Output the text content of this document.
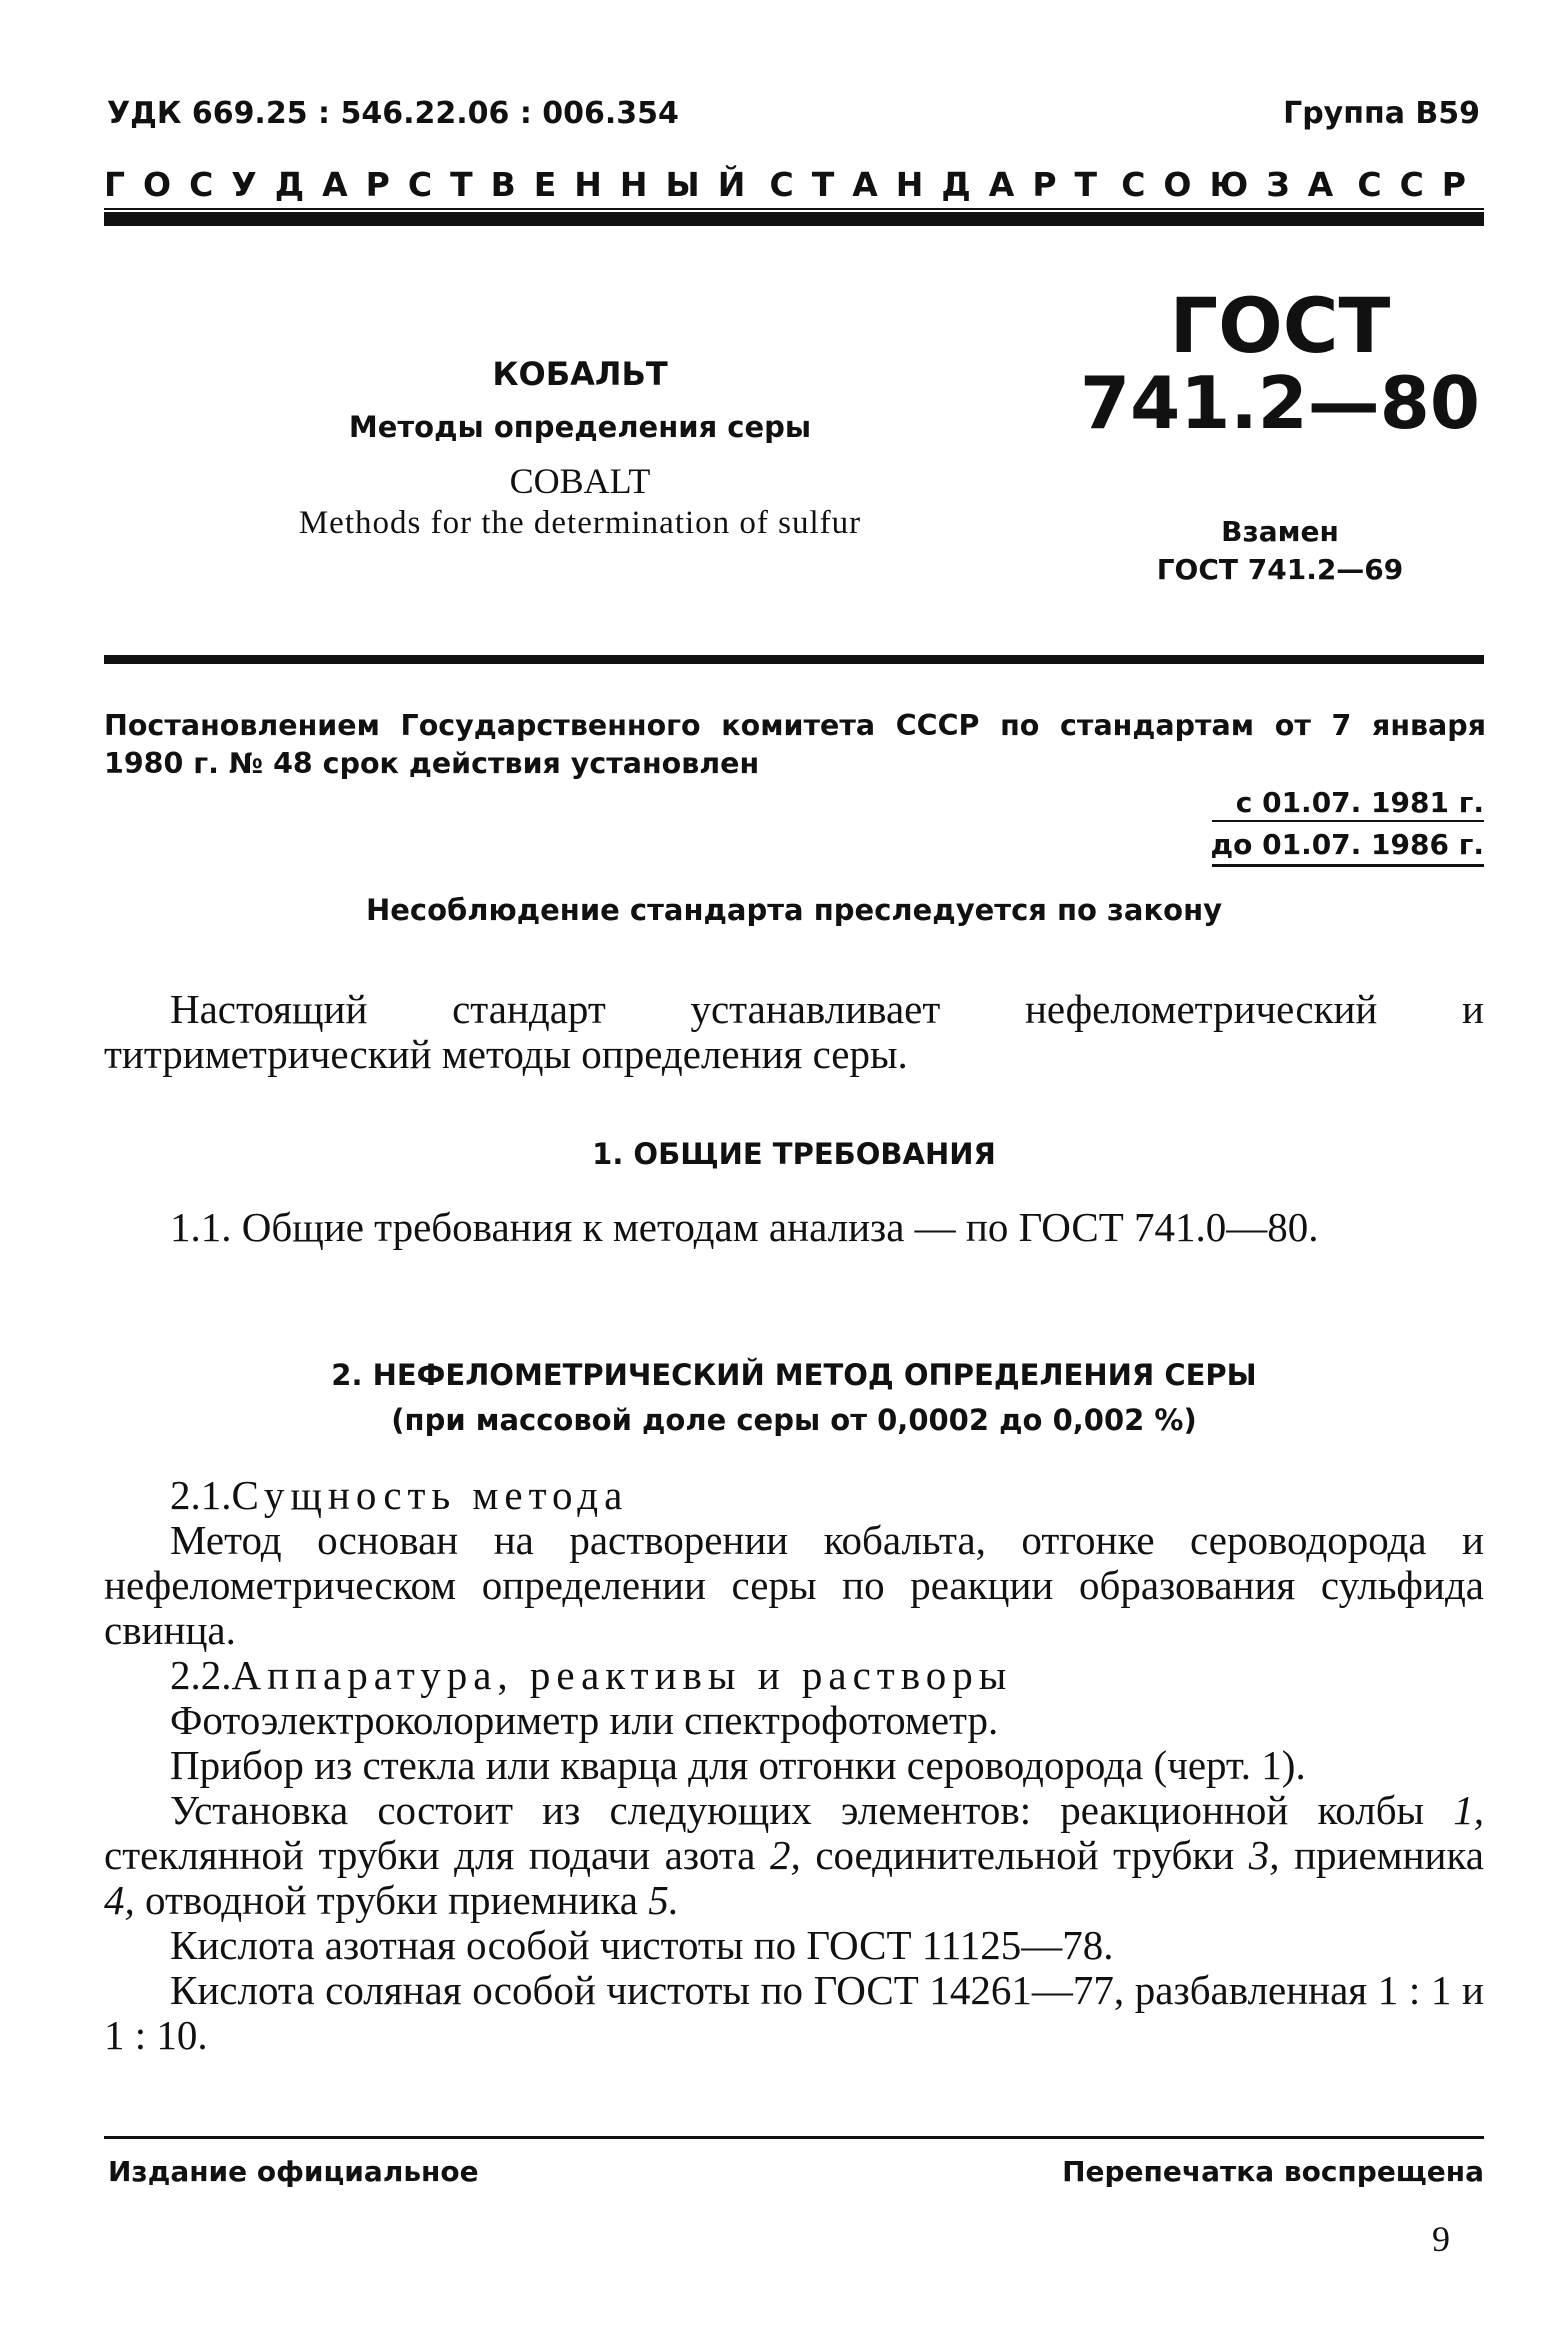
УДК 669.25 : 546.22.06 : 006.354	Группа В59
ГОСУДАРСТВЕННЫЙ СТАНДАРТ СОЮЗА ССР
КОБАЛЬТ
Методы определения серы
COBALT
Methods for the determination of sulfur
ГОСТ
741.2—80
Взамен
ГОСТ 741.2—69
Постановлением Государственного комитета СССР по стандартам от 7 января 1980 г. № 48 срок действия установлен
с 01.07. 1981 г.
до 01.07. 1986 г.
Несоблюдение стандарта преследуется по закону
Настоящий стандарт устанавливает нефелометрический и титриметрический методы определения серы.
1. ОБЩИЕ ТРЕБОВАНИЯ
1.1. Общие требования к методам анализа — по ГОСТ 741.0—80.
2. НЕФЕЛОМЕТРИЧЕСКИЙ МЕТОД ОПРЕДЕЛЕНИЯ СЕРЫ
(при массовой доле серы от 0,0002 до 0,002 %)

2.1.Сущность метода

Метод основан на растворении кобальта, отгонке сероводорода и нефелометрическом определении серы по реакции образования сульфида свинца.

2.2.Аппаратура, реактивы и растворы

Фотоэлектроколориметр или спектрофотометр.

Прибор из стекла или кварца для отгонки сероводорода (черт. 1).

Установка состоит из следующих элементов: реакционной колбы 1, стеклянной трубки для подачи азота 2, соединительной трубки 3, приемника 4, отводной трубки приемника 5.

Кислота азотная особой чистоты по ГОСТ 11125—78.

Кислота соляная особой чистоты по ГОСТ 14261—77, разбавленная 1 : 1 и 1 : 10.

Издание официальное	Перепечатка воспрещена
9
